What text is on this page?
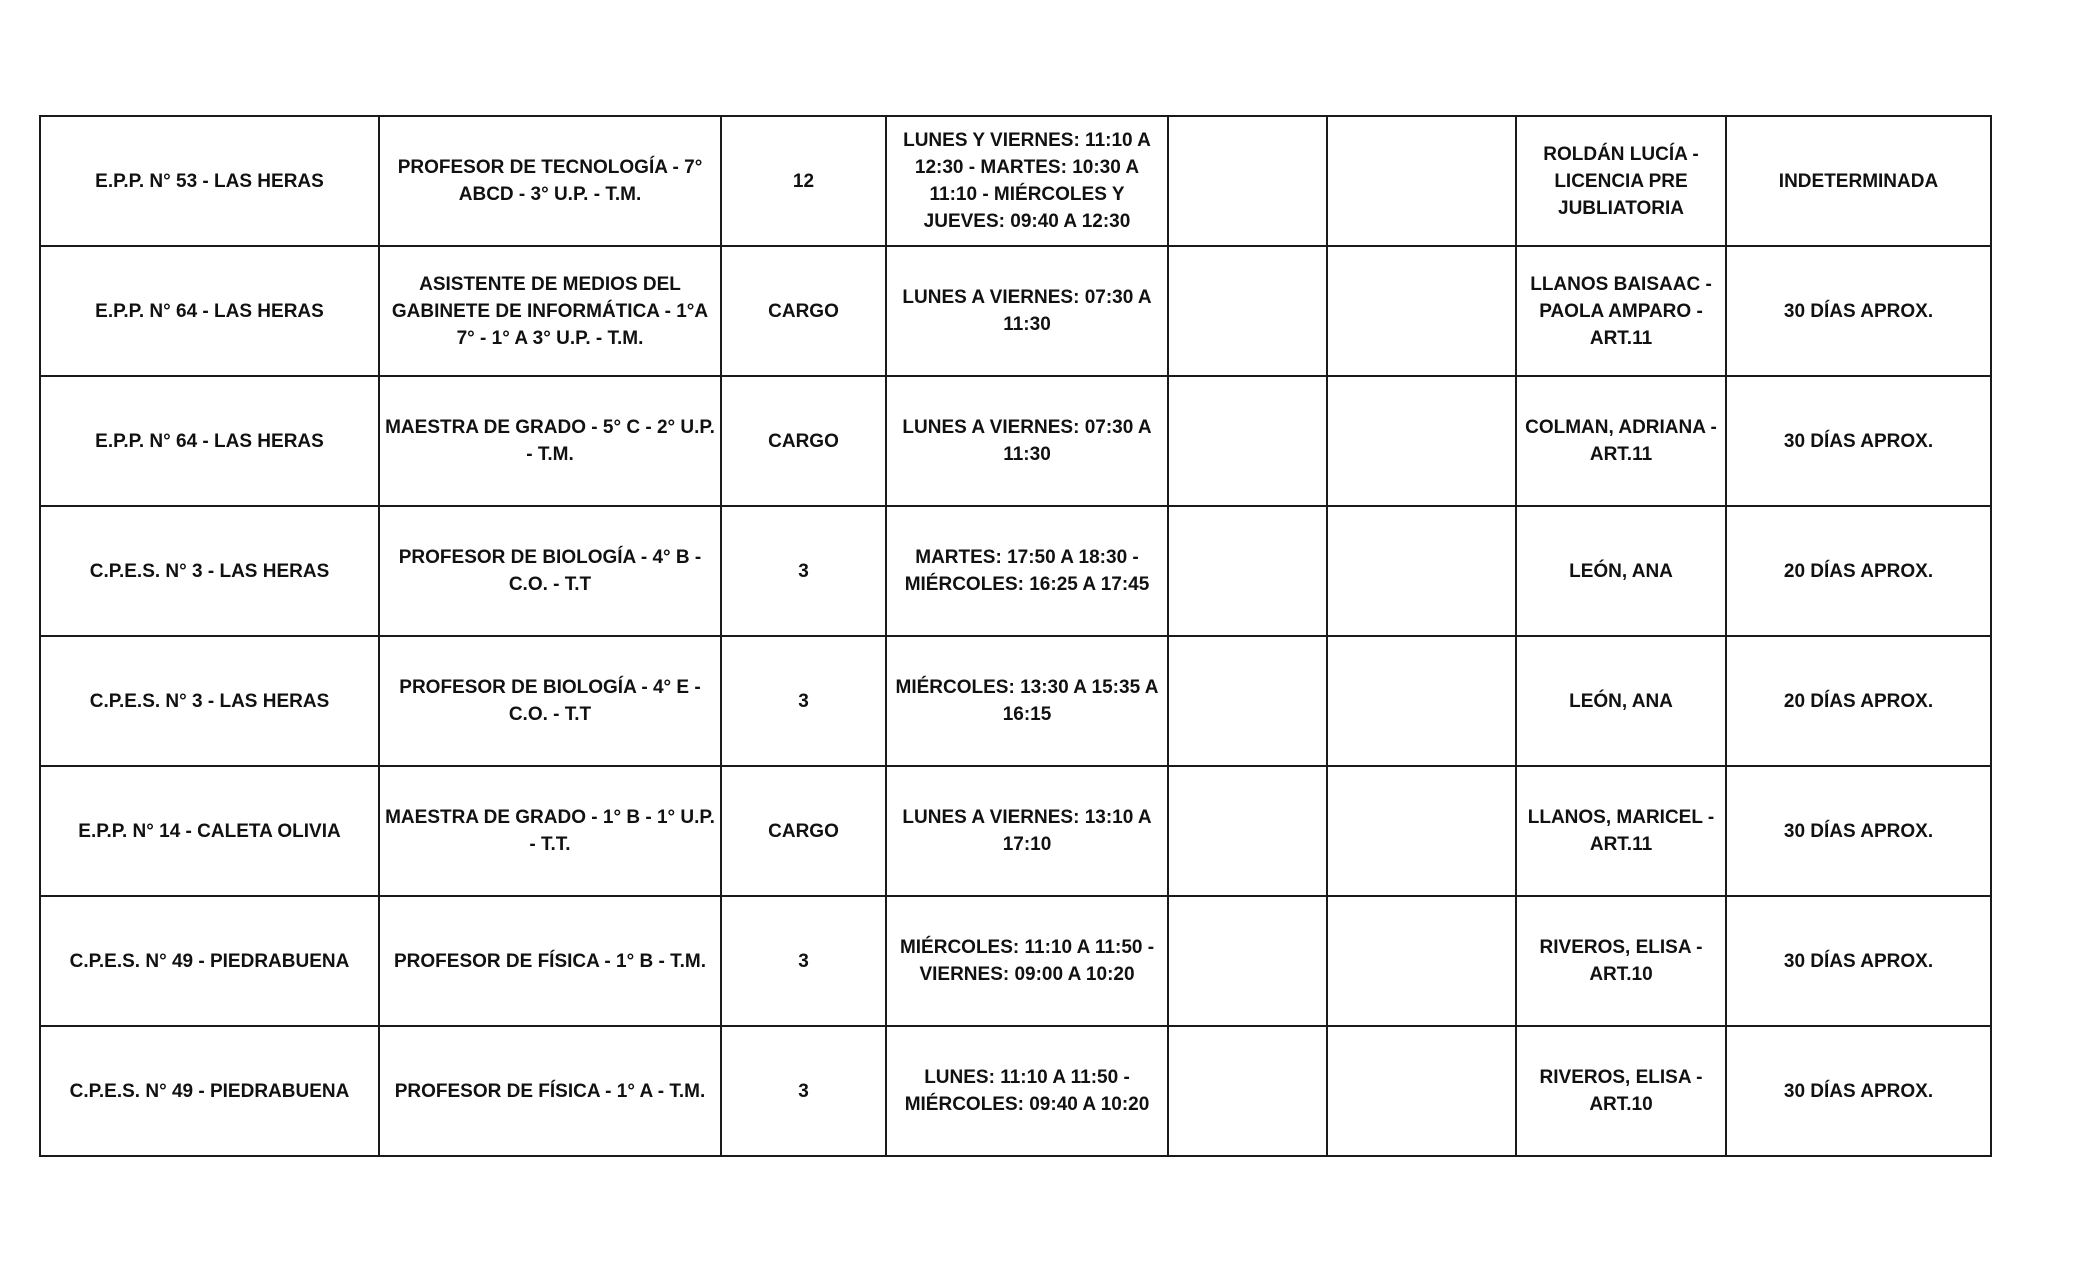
E.P.P. N° 53 - LAS HERAS	PROFESOR DE TECNOLOGÍA - 7° ABCD - 3° U.P. - T.M.	12	LUNES Y VIERNES: 11:10 A 12:30 - MARTES: 10:30 A 11:10 - MIÉRCOLES Y JUEVES: 09:40 A 12:30			ROLDÁN LUCÍA - LICENCIA PRE JUBLIATORIA	INDETERMINADA
E.P.P. N° 64 - LAS HERAS	ASISTENTE DE MEDIOS DEL GABINETE DE INFORMÁTICA - 1°A 7° - 1° A 3° U.P. - T.M.	CARGO	LUNES A VIERNES: 07:30 A 11:30			LLANOS BAISAAC - PAOLA AMPARO - ART.11	30 DÍAS APROX.
E.P.P. N° 64 - LAS HERAS	MAESTRA DE GRADO - 5° C - 2° U.P. - T.M.	CARGO	LUNES A VIERNES: 07:30 A 11:30			COLMAN, ADRIANA - ART.11	30 DÍAS APROX.
C.P.E.S. N° 3 - LAS HERAS	PROFESOR DE BIOLOGÍA - 4° B - C.O. - T.T	3	MARTES: 17:50 A 18:30 - MIÉRCOLES: 16:25 A 17:45			LEÓN, ANA	20 DÍAS APROX.
C.P.E.S. N° 3 - LAS HERAS	PROFESOR DE BIOLOGÍA - 4° E - C.O. - T.T	3	MIÉRCOLES: 13:30 A 15:35 A 16:15			LEÓN, ANA	20 DÍAS APROX.
E.P.P. N° 14 - CALETA OLIVIA	MAESTRA DE GRADO - 1° B - 1° U.P. - T.T.	CARGO	LUNES A VIERNES: 13:10 A 17:10			LLANOS, MARICEL - ART.11	30 DÍAS APROX.
C.P.E.S. N° 49 - PIEDRABUENA	PROFESOR DE FÍSICA - 1° B - T.M.	3	MIÉRCOLES: 11:10 A 11:50 - VIERNES: 09:00 A 10:20			RIVEROS, ELISA - ART.10	30 DÍAS APROX.
C.P.E.S. N° 49 - PIEDRABUENA	PROFESOR DE FÍSICA - 1° A - T.M.	3	LUNES: 11:10 A 11:50 - MIÉRCOLES: 09:40 A 10:20			RIVEROS, ELISA - ART.10	30 DÍAS APROX.
